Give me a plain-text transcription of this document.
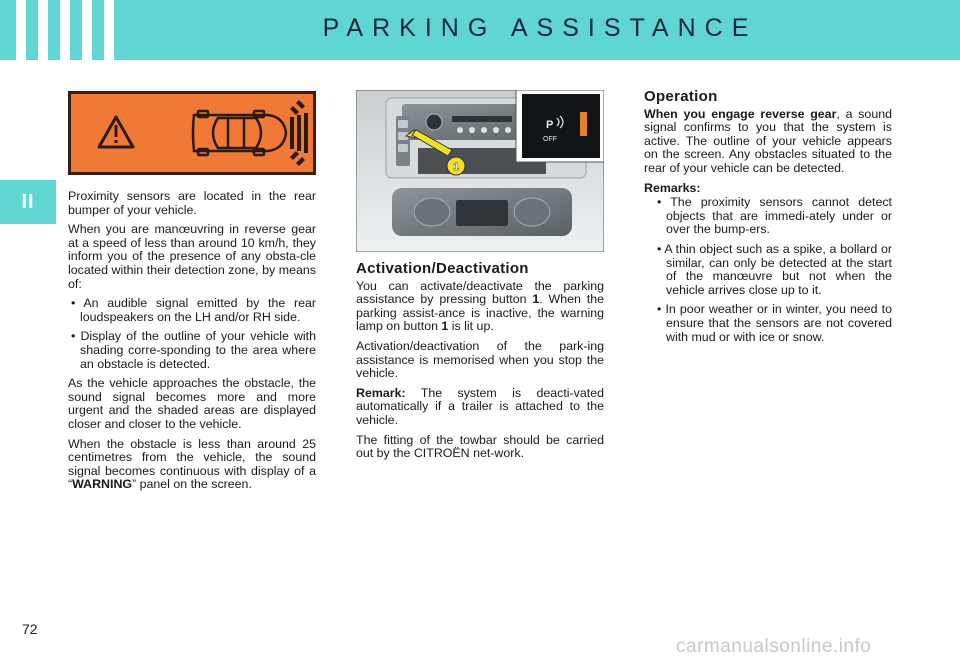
PARKING ASSISTANCE
II
P
OFF
1

Proximity sensors are located in the rear bumper of your vehicle.

When you are manœuvring in reverse gear at a speed of less than around 10 km/h, they inform you of the presence of any obsta-cle located within their detection zone, by means of:

• An audible signal emitted by the rear loudspeakers on the LH and/or RH side.

• Display of the outline of your vehicle with shading corre-sponding to the area where an obstacle is detected.

As the vehicle approaches the obstacle, the sound signal becomes more and more urgent and the shaded areas are displayed closer and closer to the vehicle.

When the obstacle is less than around 25 centimetres from the vehicle, the sound signal becomes continuous with display of a “WARNING” panel on the screen.

Activation/Deactivation

You can activate/deactivate the parking assistance by pressing button 1. When the parking assist-ance is inactive, the warning lamp on button 1 is lit up.

Activation/deactivation of the park-ing assistance is memorised when you stop the vehicle.

Remark: The system is deacti-vated automatically if a trailer is attached to the vehicle.

The fitting of the towbar should be carried out by the CITROËN net-work.

Operation

When you engage reverse gear, a sound signal confirms to you that the system is active. The outline of your vehicle appears on the screen. Any obstacles situated to the rear of your vehicle can be detected.

Remarks:

• The proximity sensors cannot detect objects that are immedi-ately under or over the bump-ers.

• A thin object such as a spike, a bollard or similar, can only be detected at the start of the manœuvre but not when the vehicle arrives close up to it.

• In poor weather or in winter, you need to ensure that the sensors are not covered with mud or with ice or snow.

72
carmanualsonline.info
